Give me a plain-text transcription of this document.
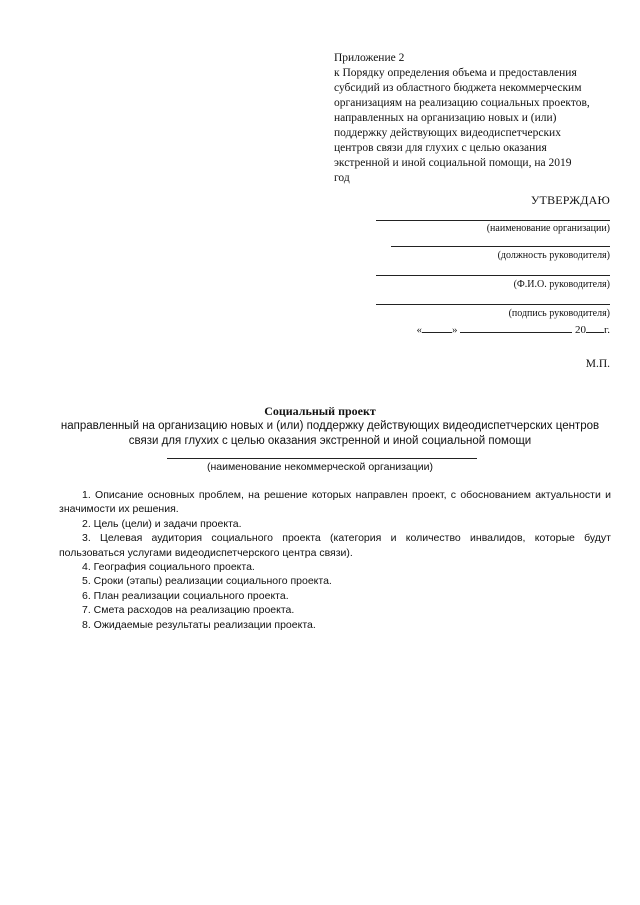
Приложение 2
к Порядку определения объема и предоставления
субсидий из областного бюджета некоммерческим
организациям на реализацию социальных проектов,
направленных на организацию новых и (или)
поддержку действующих видеодиспетчерских
центров связи для глухих с целью оказания
экстренной и иной социальной помощи, на 2019
год
УТВЕРЖДАЮ
(наименование организации)
(должность руководителя)
(Ф.И.О. руководителя)
(подпись руководителя)
«	»	20 г.
М.П.
Социальный проект
направленный на организацию новых и (или) поддержку действующих видеодиспетчерских центров связи для глухих с целью оказания экстренной и иной социальной помощи
(наименование некоммерческой организации)
1. Описание основных проблем, на решение которых направлен проект, с обоснованием актуальности и значимости их решения.
2. Цель (цели) и задачи проекта.
3. Целевая аудитория социального проекта (категория и количество инвалидов, которые будут пользоваться услугами видеодиспетчерского центра связи).
4. География социального проекта.
5. Сроки (этапы) реализации социального проекта.
6. План реализации социального проекта.
7. Смета расходов на реализацию проекта.
8. Ожидаемые результаты реализации проекта.
